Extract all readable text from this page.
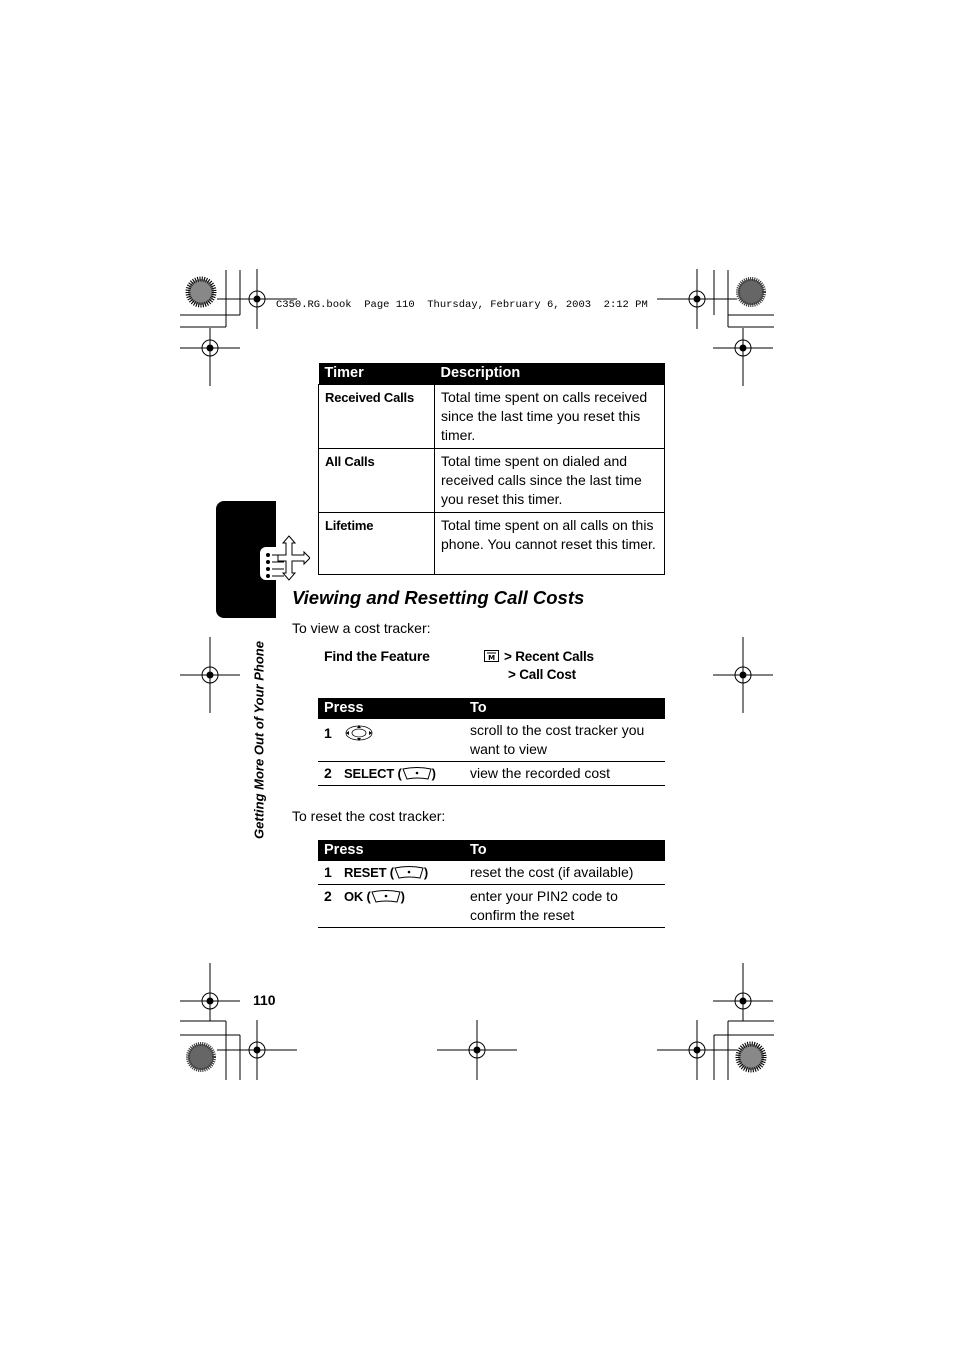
C350.RG.book  Page 110  Thursday, February 6, 2003  2:12 PM
Getting More Out of Your Phone
Timer	Description
Received Calls	Total time spent on calls received since the last time you reset this timer.
All Calls	Total time spent on dialed and received calls since the last time you reset this timer.
Lifetime	Total time spent on all calls on this phone. You cannot reset this timer.
Viewing and Resetting Call Costs
To view a cost tracker:
Find the Feature	M > Recent Calls
> Call Cost
Press		To
1		scroll to the cost tracker you want to view
2	SELECT ( )	view the recorded cost
To reset the cost tracker:
Press		To
1	RESET ( )	reset the cost (if available)
2	OK ( )	enter your PIN2 code to confirm the reset
110
